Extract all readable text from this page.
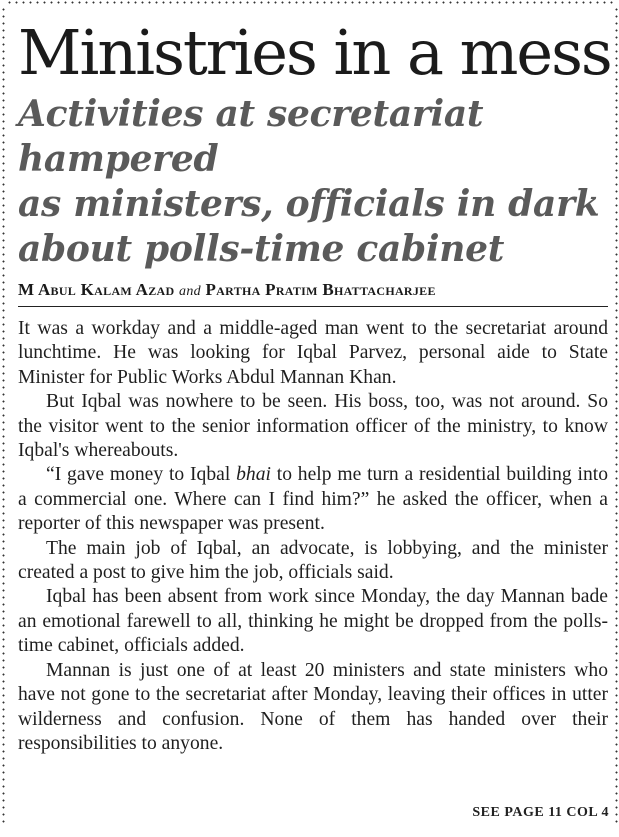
Ministries in a mess
Activities at secretariat hampered
as ministers, officials in dark
about polls-time cabinet
M Abul Kalam Azad and Partha Pratim Bhattacharjee

It was a workday and a middle-aged man went to the secretariat around lunchtime. He was looking for Iqbal Parvez, personal aide to State Minister for Public Works Abdul Mannan Khan.

But Iqbal was nowhere to be seen. His boss, too, was not around. So the visitor went to the senior information officer of the ministry, to know Iqbal's whereabouts.

“I gave money to Iqbal bhai to help me turn a residential building into a commercial one. Where can I find him?” he asked the officer, when a reporter of this newspaper was present.

The main job of Iqbal, an advocate, is lobbying, and the minister created a post to give him the job, officials said.

Iqbal has been absent from work since Monday, the day Mannan bade an emotional farewell to all, thinking he might be dropped from the polls-time cabinet, officials added.

Mannan is just one of at least 20 ministers and state ministers who have not gone to the secretariat after Monday, leaving their offices in utter wilderness and confusion. None of them has handed over their responsibilities to anyone.

SEE PAGE 11 COL 4
